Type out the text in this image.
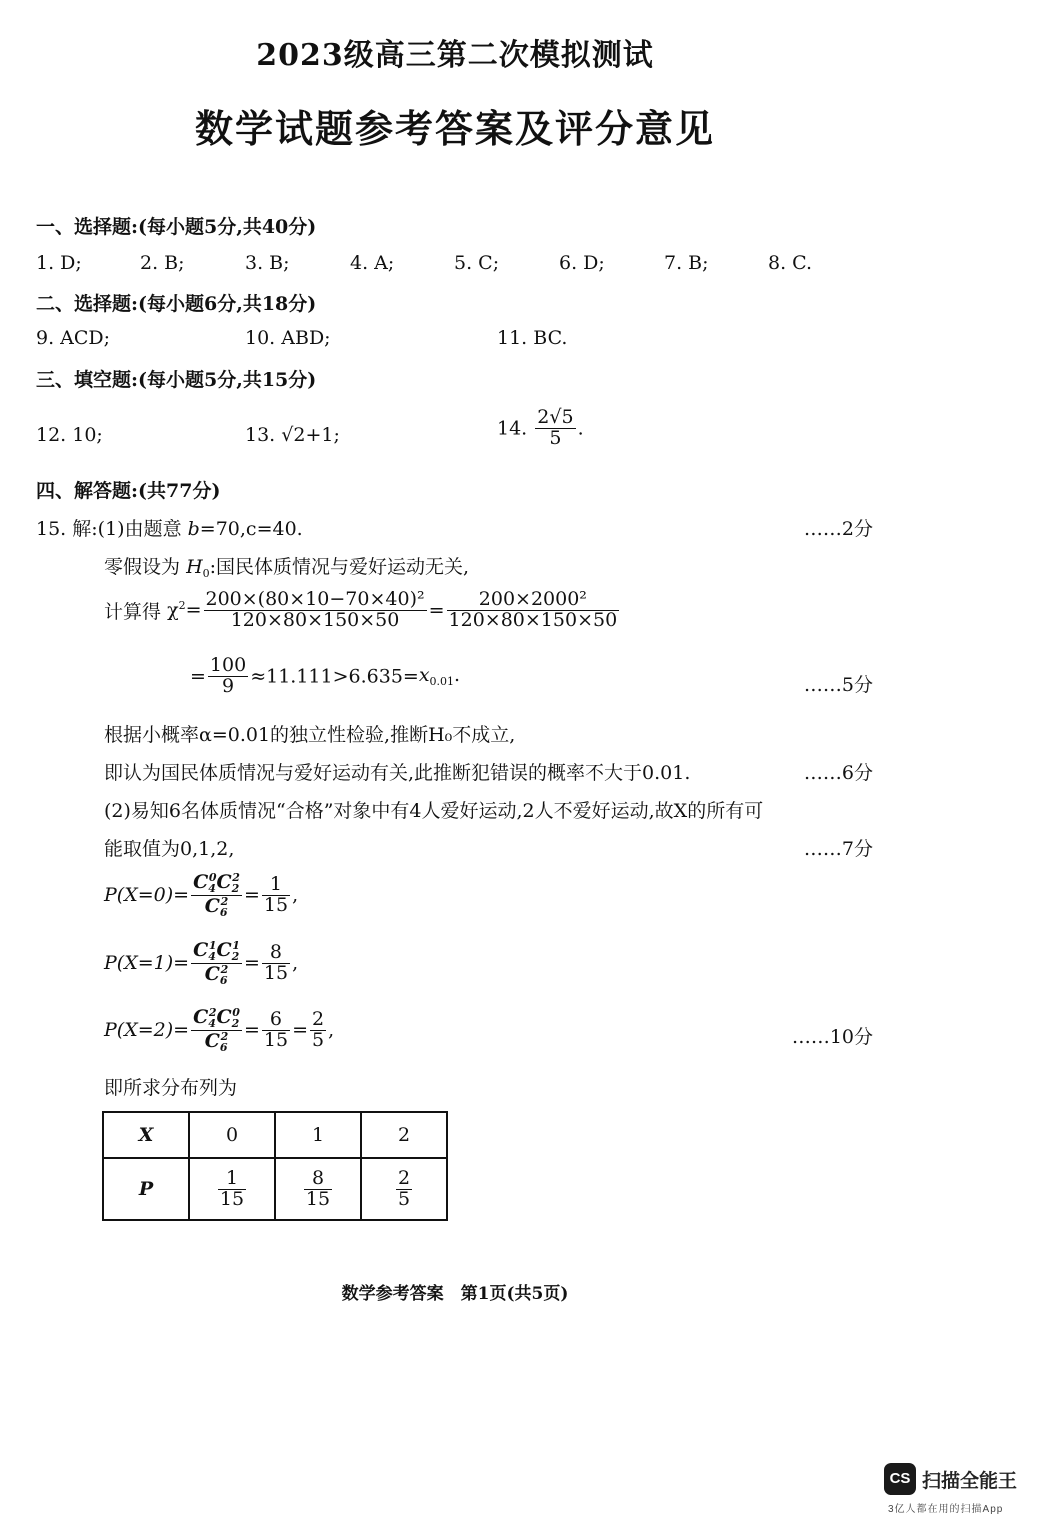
2023级高三第二次模拟测试
数学试题参考答案及评分意见
一、选择题:(每小题5分,共40分)
1. D;	2. B;	3. B;	4. A;	5. C;	6. D;	7. B;	8. C.
二、选择题:(每小题6分,共18分)
9. ACD;	10. ABD;	11. BC.
三、填空题:(每小题5分,共15分)
12. 10;	13. √2+1;	14. $\frac{2√5}{5}$ .
四、解答题:(共77分)
15. 解:(1)由题意 b=70,c=40.	……2分
零假设为 $H_0$:国民体质情况与爱好运动无关,
计算得 $\chi^2= \frac{\text{200×(80×10−70×40)²}}{120\times 80\times 150\times 50} = \frac{\text{200×2000²}}{120\times 80\times 150\times 50}$
= $\frac{100}{9} \approx 11.111>6.635=x_{0.01}$.	……5分
根据小概率α=0.01的独立性检验,推断H₀不成立,
即认为国民体质情况与爱好运动有关,此推断犯错误的概率不大于0.01.	……6分
(2)易知6名体质情况“合格”对象中有4人爱好运动,2人不爱好运动,故X的所有可
能取值为0,1,2,	……7分
$P(X=0)= \frac{C_4^0C_2^2}{C_6^2} = \frac{1}{15}$ ,
$P(X=1)= \frac{C_4^1C_2^1}{C_6^2} = \frac{8}{15}$ ,
$P(X=2)= \frac{C_4^2C_2^0}{C_6^2} = \frac{6}{15} = \frac{2}{5}$ ,	……10分
即所求分布列为
X	0	1	2
P	$\frac{1}{15}$	$\frac{8}{15}$	$\frac{2}{5}$
数学参考答案　第1页(共5页)
CS 扫描全能王
3亿人都在用的扫描App
